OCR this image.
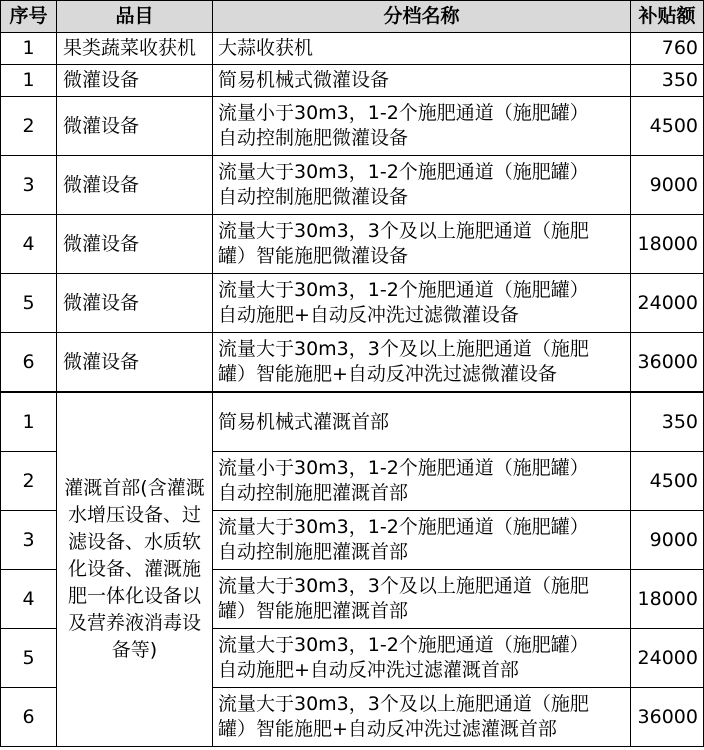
序号	品目	分档名称	补贴额
1	果类蔬菜收获机	大蒜收获机	760
1	微灌设备	简易机械式微灌设备	350
2	微灌设备	流量小于30m3，1-2个施肥通道（施肥罐）
自动控制施肥微灌设备	4500
3	微灌设备	流量大于30m3，1-2个施肥通道（施肥罐）
自动控制施肥微灌设备	9000
4	微灌设备	流量大于30m3，3个及以上施肥通道（施肥
罐）智能施肥微灌设备	18000
5	微灌设备	流量大于30m3，1-2个施肥通道（施肥罐）
自动施肥+自动反冲洗过滤微灌设备	24000
6	微灌设备	流量大于30m3，3个及以上施肥通道（施肥
罐）智能施肥+自动反冲洗过滤微灌设备	36000
1	灌溉首部(含灌溉水增压设备、过滤设备、水质软化设备、灌溉施肥一体化设备以及营养液消毒设备等)	简易机械式灌溉首部	350
2		流量小于30m3，1-2个施肥通道（施肥罐）
自动控制施肥灌溉首部	4500
3		流量大于30m3，1-2个施肥通道（施肥罐）
自动控制施肥灌溉首部	9000
4		流量大于30m3，3个及以上施肥通道（施肥
罐）智能施肥灌溉首部	18000
5		流量大于30m3，1-2个施肥通道（施肥罐）
自动施肥+自动反冲洗过滤灌溉首部	24000
6		流量大于30m3，3个及以上施肥通道（施肥
罐）智能施肥+自动反冲洗过滤灌溉首部	36000
